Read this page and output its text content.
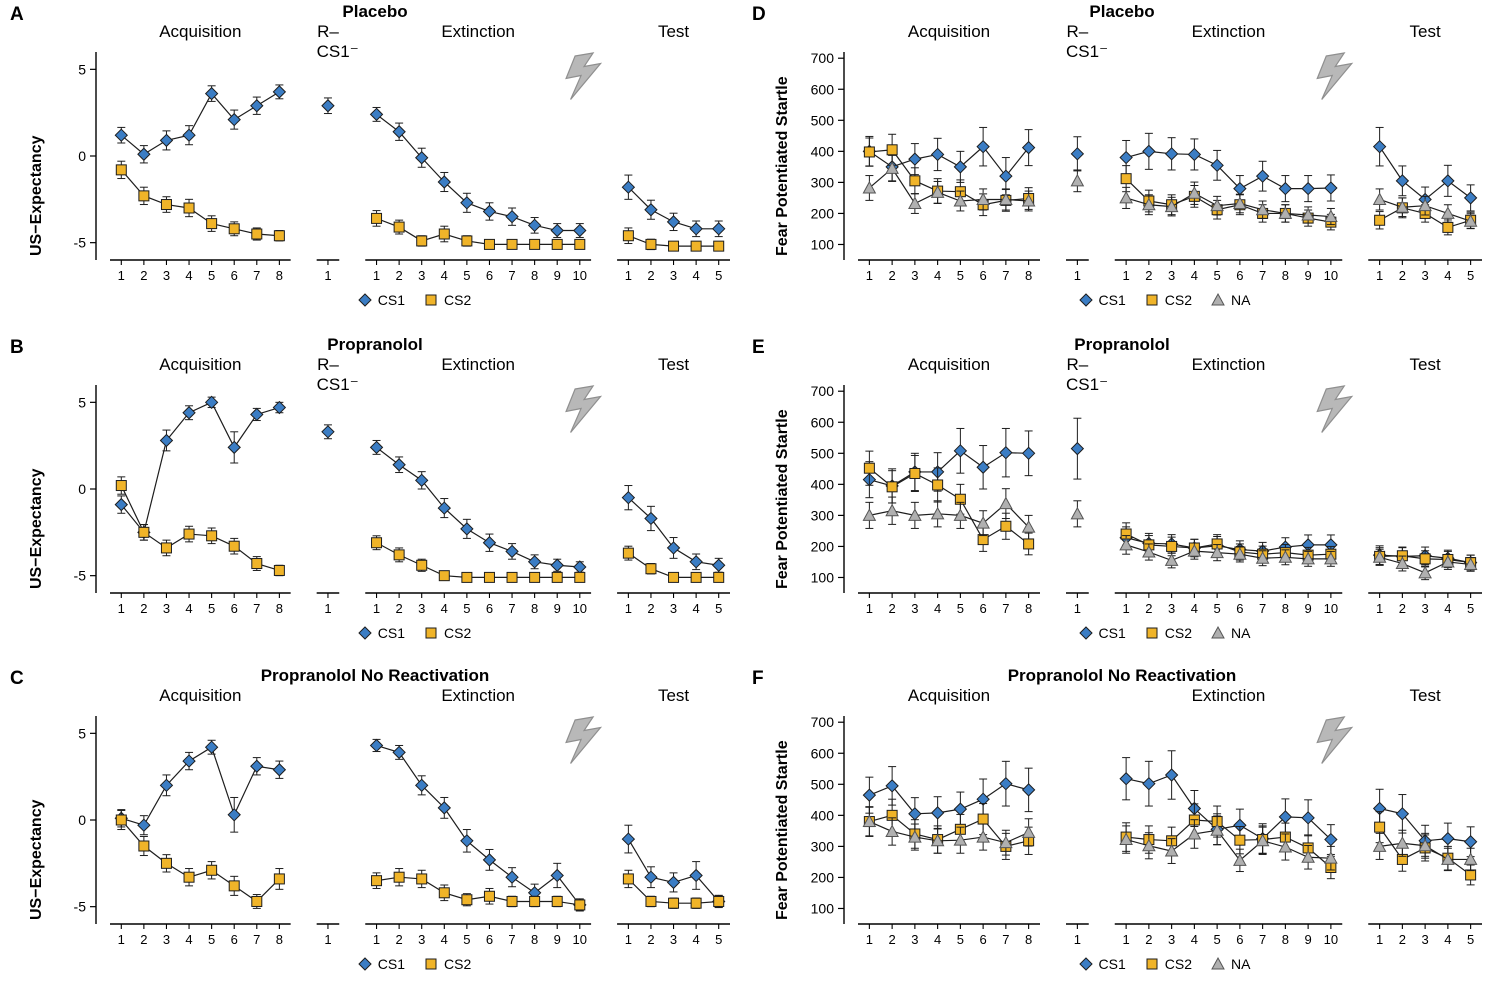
A	Placebo
US−Expectancy -5
0
5
1 2 3 4 5 6 7 8	1	1 2 3 4 5 6 7 8 9 10	1 2 3 4 5
Acquisition	R–CS1⁻
Extinction	Test
CS1	CS2
B	Propranolol
US−Expectancy -5
0
5
1 2 3 4 5 6 7 8	1	1 2 3 4 5 6 7 8 9 10	1 2 3 4 5
Acquisition	R–CS1⁻
Extinction	Test
CS1	CS2
C	Propranolol No Reactivation
US−Expectancy -5
0
5
1 2 3 4 5 6 7 8	1	1 2 3 4 5 6 7 8 9 10	1 2 3 4 5
Acquisition	Extinction	Test
CS1	CS2
D	Placebo
Fear Potentiated Startle 100
200
300
400
500
600
700
1 2 3 4 5 6 7 8	1	1 2 3 4 5 6 7 8 9 10	1 2 3 4 5
Acquisition	R–CS1⁻
Extinction	Test
CS1	CS2	NA
E	Propranolol
Fear Potentiated Startle 100
200
300
400
500
600
700
1 2 3 4 5 6 7 8	1	1 2 3 4 5 6 7 8 9 10	1 2 3 4 5
Acquisition	R–CS1⁻
Extinction	Test
CS1	CS2	NA
F	Propranolol No Reactivation
Fear Potentiated Startle 100
200
300
400
500
600
700
1 2 3 4 5 6 7 8	1	1 2 3 4 5 6 7 8 9 10	1 2 3 4 5
Acquisition	Extinction	Test
CS1	CS2	NA
